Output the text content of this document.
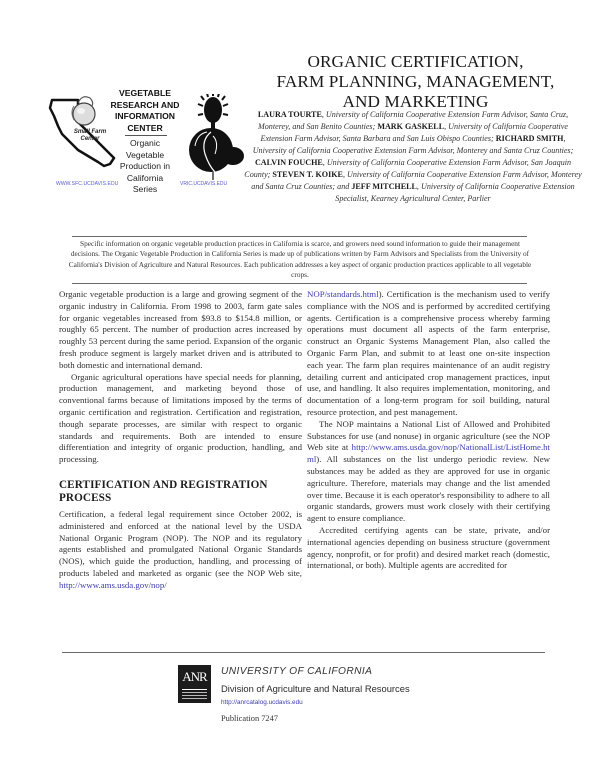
Small Farm
Center
VEGETABLE
RESEARCH AND
INFORMATION
CENTER
Organic
Vegetable
Production in
California
Series
WWW.SFC.UCDAVIS.EDU	VRIC.UCDAVIS.EDU
ORGANIC CERTIFICATION,
FARM PLANNING, MANAGEMENT,
AND MARKETING
LAURA TOURTE, University of California Cooperative Extension Farm Advisor, Santa Cruz, Monterey, and San Benito Counties; MARK GASKELL, University of California Cooperative Extension Farm Advisor, Santa Barbara and San Luis Obispo Counties; RICHARD SMITH, University of California Cooperative Extension Farm Advisor, Monterey and Santa Cruz Counties; CALVIN FOUCHE, University of California Cooperative Extension Farm Advisor, San Joaquin County; STEVEN T. KOIKE, University of California Cooperative Extension Farm Advisor, Monterey and Santa Cruz Counties; and JEFF MITCHELL, University of California Cooperative Extension Specialist, Kearney Agricultural Center, Parlier
Specific information on organic vegetable production practices in California is scarce, and growers need sound information to guide their management decisions. The Organic Vegetable Production in California Series is made up of publications written by Farm Advisors and Specialists from the University of California's Division of Agriculture and Natural Resources. Each publication addresses a key aspect of organic production practices applicable to all vegetable crops.

Organic vegetable production is a large and growing segment of the organic industry in California. From 1998 to 2003, farm gate sales for organic vegetables increased from $93.8 to $154.8 million, or roughly 65 percent. The number of production acres increased by roughly 53 percent during the same period. Expansion of the organic fresh produce segment is largely market driven and is attributed to both domestic and international demand.

Organic agricultural operations have special needs for planning, production management, and marketing beyond those of conventional farms because of limitations imposed by the terms of organic certification and registration. Certification and registration, though separate processes, are similar with respect to organic standards and requirements. Both are intended to ensure differentiation and integrity of organic production, handling, and processing.

CERTIFICATION AND REGISTRATION PROCESS

Certification, a federal legal requirement since October 2002, is administered and enforced at the national level by the USDA National Organic Program (NOP). The NOP and its regulatory agents established and promulgated National Organic Standards (NOS), which guide the production, handling, and processing of products labeled and marketed as organic (see the NOP Web site, http://www.ams.usda.gov/nop/

NOP/standards.html). Certification is the mechanism used to verify compliance with the NOS and is performed by accredited certifying agents. Certification is a comprehensive process whereby farming operations must document all aspects of the farm enterprise, construct an Organic Systems Management Plan, also called the Organic Farm Plan, and submit to at least one on-site inspection each year. The farm plan requires maintenance of an audit registry detailing current and anticipated crop management practices, input use, and handling. It also requires implementation, monitoring, and documentation of a long-term program for soil building, natural resource protection, and pest management.

The NOP maintains a National List of Allowed and Prohibited Substances for use (and nonuse) in organic agriculture (see the NOP Web site at http://www.ams.usda.gov/nop/NationalList/ListHome.html). All substances on the list undergo periodic review. New substances may be added as they are approved for use in organic agriculture. Therefore, materials may change and the list amended over time. Because it is each operator's responsibility to adhere to all organic standards, growers must work closely with their certifying agent to ensure compliance.

Accredited certifying agents can be state, private, and/or international agencies depending on business structure (government agency, nonprofit, or for profit) and desired market reach (domestic, international, or both). Multiple agents are accredited for

ANR	UNIVERSITY OF CALIFORNIA
Division of Agriculture and Natural Resources
http://anrcatalog.ucdavis.edu
Publication 7247
